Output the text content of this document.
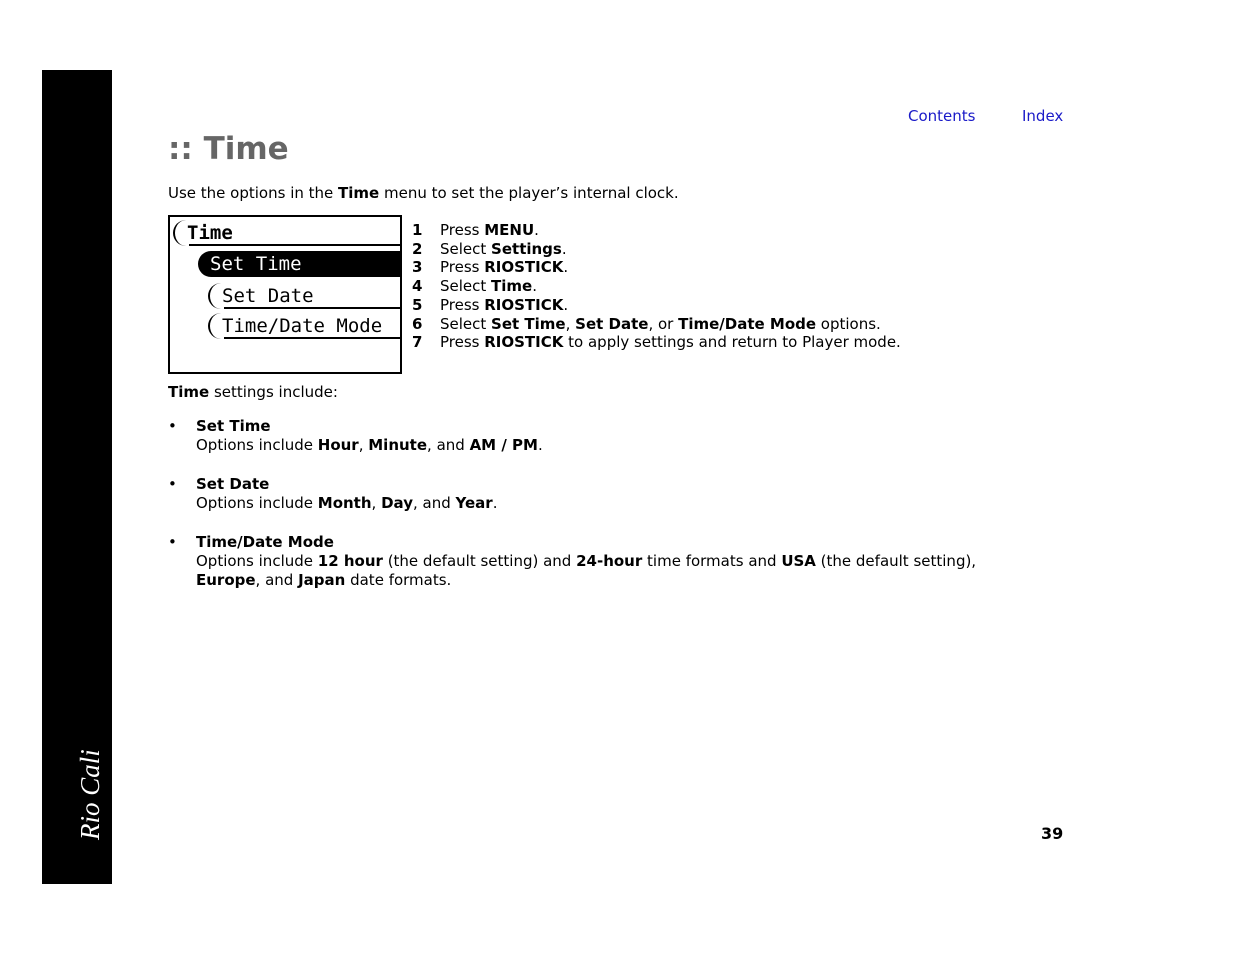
Rio Cali
Contents	Index
:: Time
Use the options in the Time menu to set the player’s internal clock.
Time
Set Time
Set Date
Time/Date Mode
1 Press MENU.
2 Select Settings.
3 Press RIOSTICK.
4 Select Time.
5 Press RIOSTICK.
6 Select Set Time, Set Date, or Time/Date Mode options.
7 Press RIOSTICK to apply settings and return to Player mode.
Time settings include:
• Set Time
Options include Hour, Minute, and AM / PM.
• Set Date
Options include Month, Day, and Year.
• Time/Date Mode
Options include 12 hour (the default setting) and 24-hour time formats and USA (the default setting),
Europe, and Japan date formats.
39
